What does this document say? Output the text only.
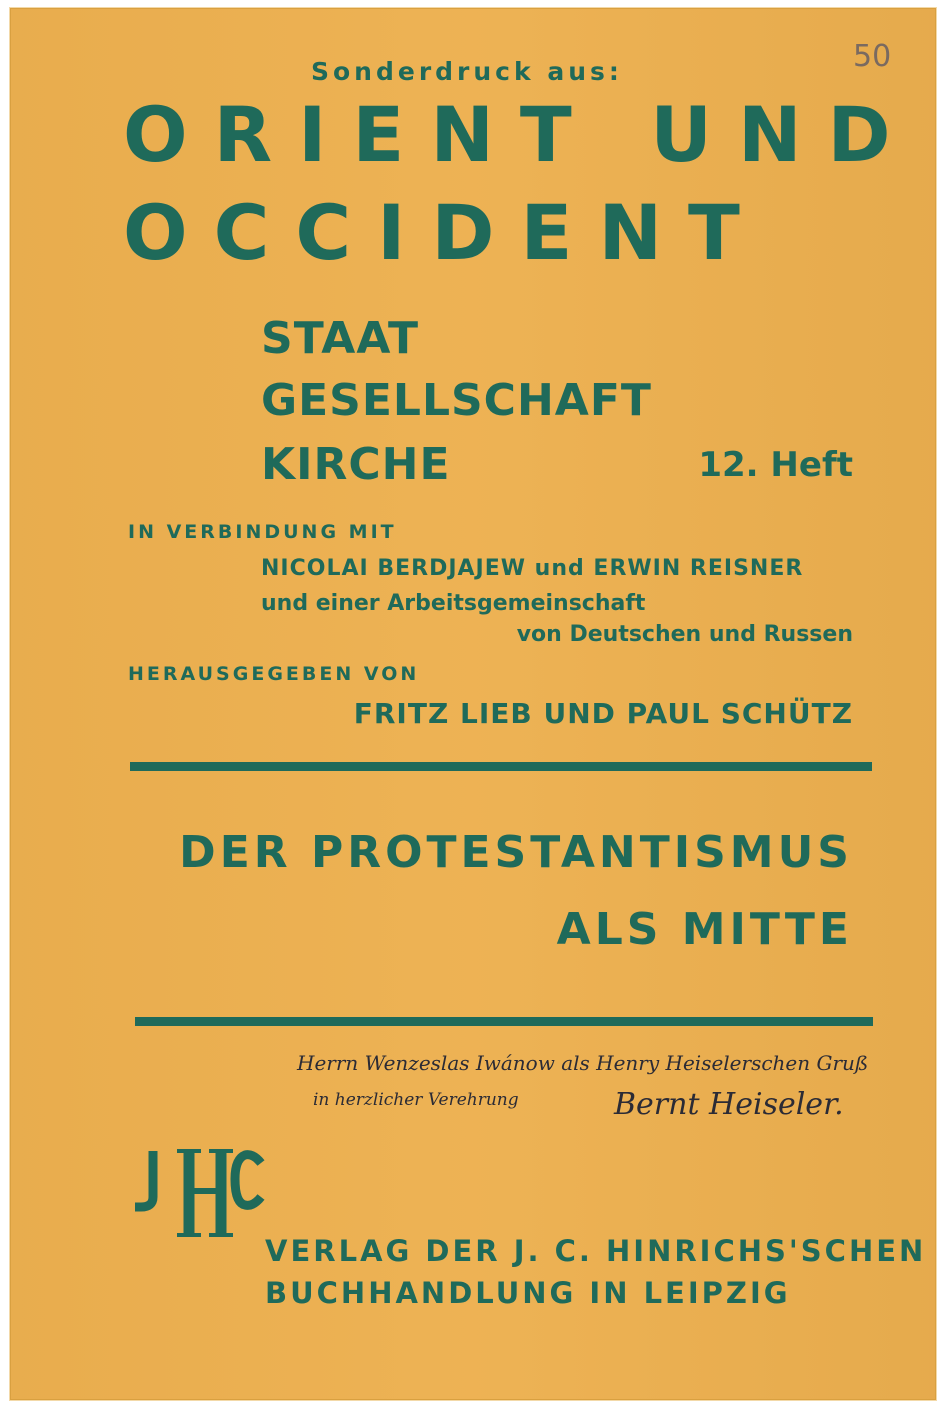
50
Sonderdruck aus:
ORIENT UND
OCCIDENT
STAAT
GESELLSCHAFT
KIRCHE	12. Heft
IN VERBINDUNG MIT
NICOLAI BERDJAJEW und ERWIN REISNER
und einer Arbeitsgemeinschaft
von Deutschen und Russen
HERAUSGEGEBEN VON
FRITZ LIEB UND PAUL SCHÜTZ
DER PROTESTANTISMUS
ALS MITTE
Herrn Wenzeslas Iwánow als Henry Heiselerschen Gruß
in herzlicher Verehrung	Bernt Heiseler.
VERLAG DER J. C. HINRICHS'SCHEN
BUCHHANDLUNG IN LEIPZIG
